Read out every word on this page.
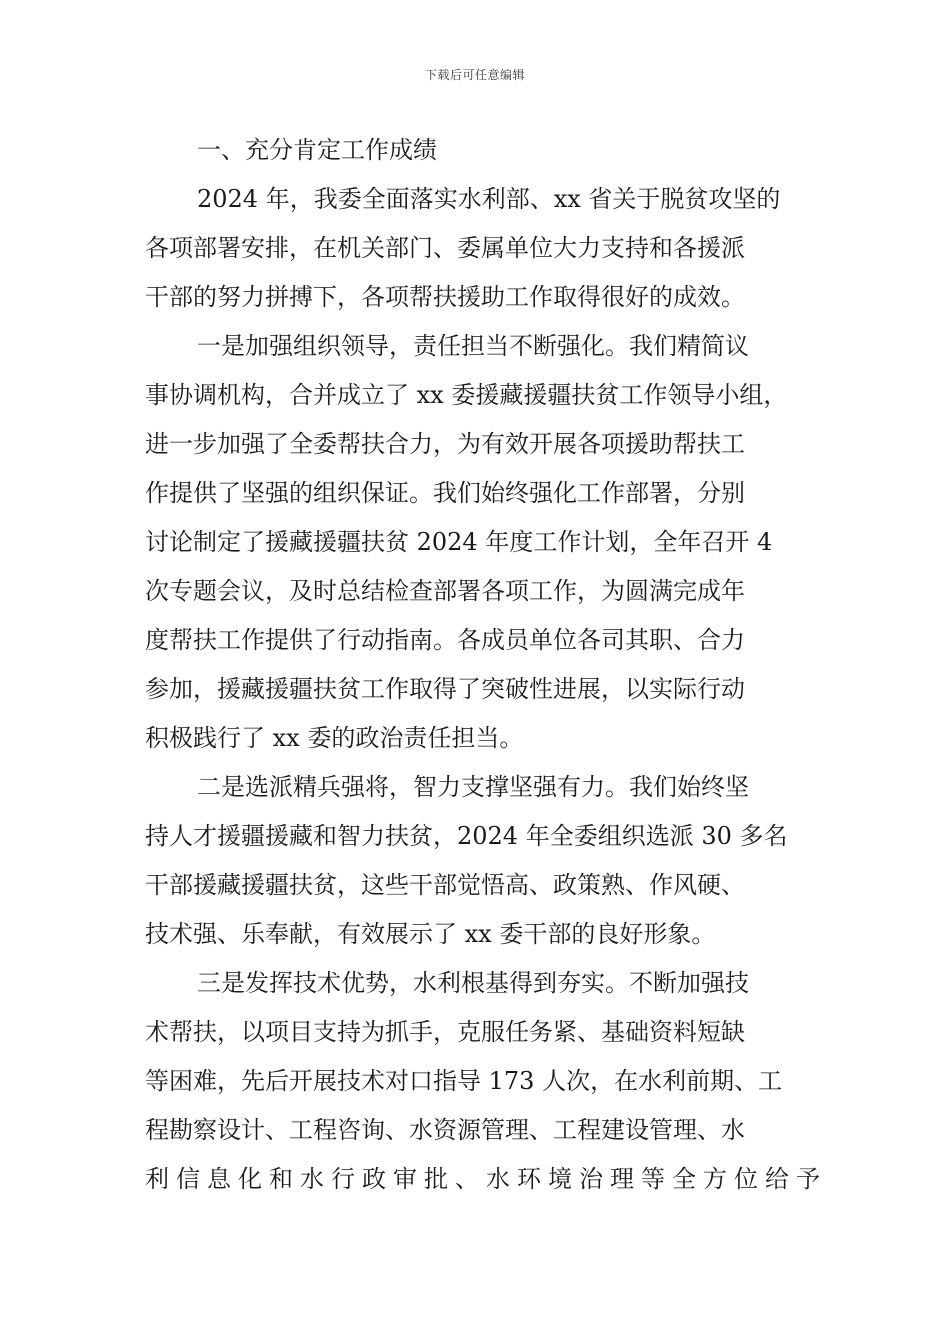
下载后可任意编辑
一、充分肯定工作成绩
2024 年，我委全面落实水利部、xx 省关于脱贫攻坚的
各项部署安排，在机关部门、委属单位大力支持和各援派
干部的努力拼搏下，各项帮扶援助工作取得很好的成效。
一是加强组织领导，责任担当不断强化。我们精简议
事协调机构，合并成立了 xx 委援藏援疆扶贫工作领导小组，
进一步加强了全委帮扶合力，为有效开展各项援助帮扶工
作提供了坚强的组织保证。我们始终强化工作部署，分别
讨论制定了援藏援疆扶贫 2024 年度工作计划，全年召开 4
次专题会议，及时总结检查部署各项工作，为圆满完成年
度帮扶工作提供了行动指南。各成员单位各司其职、合力
参加，援藏援疆扶贫工作取得了突破性进展，以实际行动
积极践行了 xx 委的政治责任担当。
二是选派精兵强将，智力支撑坚强有力。我们始终坚
持人才援疆援藏和智力扶贫，2024 年全委组织选派 30 多名
干部援藏援疆扶贫，这些干部觉悟高、政策熟、作风硬、
技术强、乐奉献，有效展示了 xx 委干部的良好形象。
三是发挥技术优势，水利根基得到夯实。不断加强技
术帮扶，以项目支持为抓手，克服任务紧、基础资料短缺
等困难，先后开展技术对口指导 173 人次，在水利前期、工
程勘察设计、工程咨询、水资源管理、工程建设管理、水
利信息化和水行政审批、水环境治理等全方位给予
